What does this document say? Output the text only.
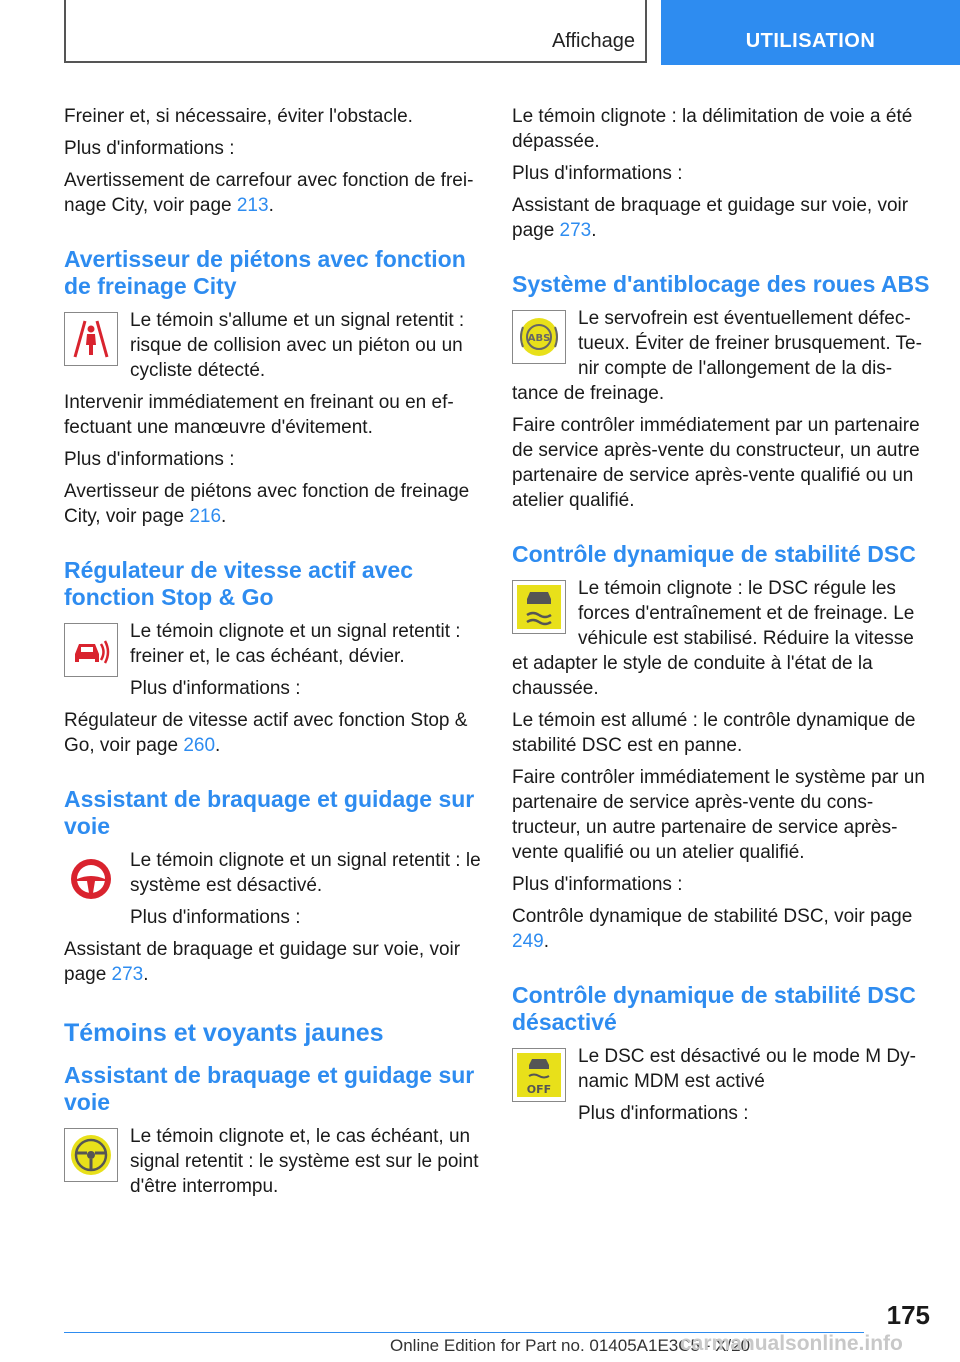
Affichage	UTILISATION

Freiner et, si nécessaire, éviter l'obstacle.

Plus d'informations :

Avertissement de carrefour avec fonction de frei-nage City, voir page 213.

Avertisseur de piétons avec fonction de freinage City

Le témoin s'allume et un signal retentit : risque de collision avec un piéton ou un cycliste détecté.

Intervenir immédiatement en freinant ou en ef-fectuant une manœuvre d'évitement.

Plus d'informations :

Avertisseur de piétons avec fonction de freinage City, voir page 216.

Régulateur de vitesse actif avec fonction Stop & Go

Le témoin clignote et un signal retentit : freiner et, le cas échéant, dévier.

Plus d'informations :

Régulateur de vitesse actif avec fonction Stop & Go, voir page 260.

Assistant de braquage et guidage sur voie

Le témoin clignote et un signal retentit : le système est désactivé.

Plus d'informations :

Assistant de braquage et guidage sur voie, voir page 273.

Témoins et voyants jaunes
Assistant de braquage et guidage sur voie

Le témoin clignote et, le cas échéant, un signal retentit : le système est sur le point d'être interrompu.

Le témoin clignote : la délimitation de voie a été dépassée.

Plus d'informations :

Assistant de braquage et guidage sur voie, voir page 273.

Système d'antiblocage des roues ABS
ABS

Le servofrein est éventuellement défec-tueux. Éviter de freiner brusquement. Te-nir compte de l'allongement de la dis-tance de freinage.

Faire contrôler immédiatement par un partenaire de service après-vente du constructeur, un autre partenaire de service après-vente qualifié ou un atelier qualifié.

Contrôle dynamique de stabilité DSC

Le témoin clignote : le DSC régule les forces d'entraînement et de freinage. Le véhicule est stabilisé. Réduire la vitesse et adapter le style de conduite à l'état de la chaussée.

Le témoin est allumé : le contrôle dynamique de stabilité DSC est en panne.

Faire contrôler immédiatement le système par un partenaire de service après-vente du cons-tructeur, un autre partenaire de service après-vente qualifié ou un atelier qualifié.

Plus d'informations :

Contrôle dynamique de stabilité DSC, voir page 249.

Contrôle dynamique de stabilité DSC désactivé
OFF

Le DSC est désactivé ou le mode M Dy-namic MDM est activé

Plus d'informations :

175
Online Edition for Part no. 01405A1E3C5 - X/20
carmanualsonline.info
